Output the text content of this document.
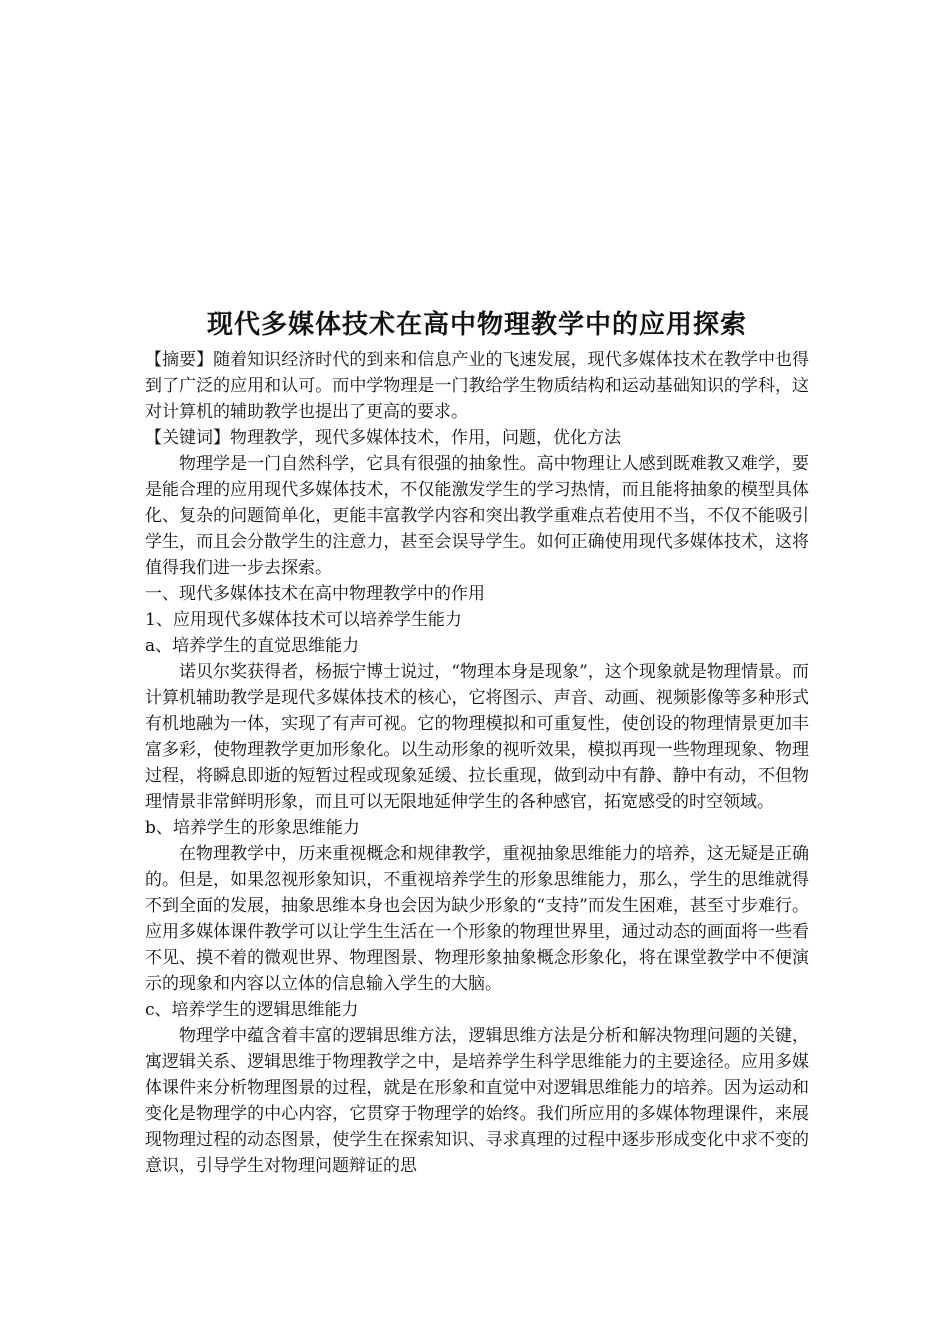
现代多媒体技术在高中物理教学中的应用探索

【摘要】随着知识经济时代的到来和信息产业的飞速发展，现代多媒体技术在教学中也得到了广泛的应用和认可。而中学物理是一门教给学生物质结构和运动基础知识的学科，这对计算机的辅助教学也提出了更高的要求。

【关键词】物理教学，现代多媒体技术，作用，问题，优化方法

物理学是一门自然科学，它具有很强的抽象性。高中物理让人感到既难教又难学，要是能合理的应用现代多媒体技术，不仅能激发学生的学习热情，而且能将抽象的模型具体化、复杂的问题简单化，更能丰富教学内容和突出教学重难点若使用不当，不仅不能吸引学生，而且会分散学生的注意力，甚至会误导学生。如何正确使用现代多媒体技术，这将值得我们进一步去探索。

一、现代多媒体技术在高中物理教学中的作用

1、应用现代多媒体技术可以培养学生能力

a、培养学生的直觉思维能力

诺贝尔奖获得者，杨振宁博士说过，“物理本身是现象”，这个现象就是物理情景。而计算机辅助教学是现代多媒体技术的核心，它将图示、声音、动画、视频影像等多种形式有机地融为一体，实现了有声可视。它的物理模拟和可重复性，使创设的物理情景更加丰富多彩，使物理教学更加形象化。以生动形象的视听效果，模拟再现一些物理现象、物理过程，将瞬息即逝的短暂过程或现象延缓、拉长重现，做到动中有静、静中有动，不但物理情景非常鲜明形象，而且可以无限地延伸学生的各种感官，拓宽感受的时空领域。

b、培养学生的形象思维能力

在物理教学中，历来重视概念和规律教学，重视抽象思维能力的培养，这无疑是正确的。但是，如果忽视形象知识，不重视培养学生的形象思维能力，那么，学生的思维就得不到全面的发展，抽象思维本身也会因为缺少形象的“支持”而发生困难，甚至寸步难行。应用多媒体课件教学可以让学生生活在一个形象的物理世界里，通过动态的画面将一些看不见、摸不着的微观世界、物理图景、物理形象抽象概念形象化，将在课堂教学中不便演示的现象和内容以立体的信息输入学生的大脑。

c、培养学生的逻辑思维能力

物理学中蕴含着丰富的逻辑思维方法，逻辑思维方法是分析和解决物理问题的关键，寓逻辑关系、逻辑思维于物理教学之中，是培养学生科学思维能力的主要途径。应用多媒体课件来分析物理图景的过程，就是在形象和直觉中对逻辑思维能力的培养。因为运动和变化是物理学的中心内容，它贯穿于物理学的始终。我们所应用的多媒体物理课件，来展现物理过程的动态图景，使学生在探索知识、寻求真理的过程中逐步形成变化中求不变的意识，引导学生对物理问题辩证的思
